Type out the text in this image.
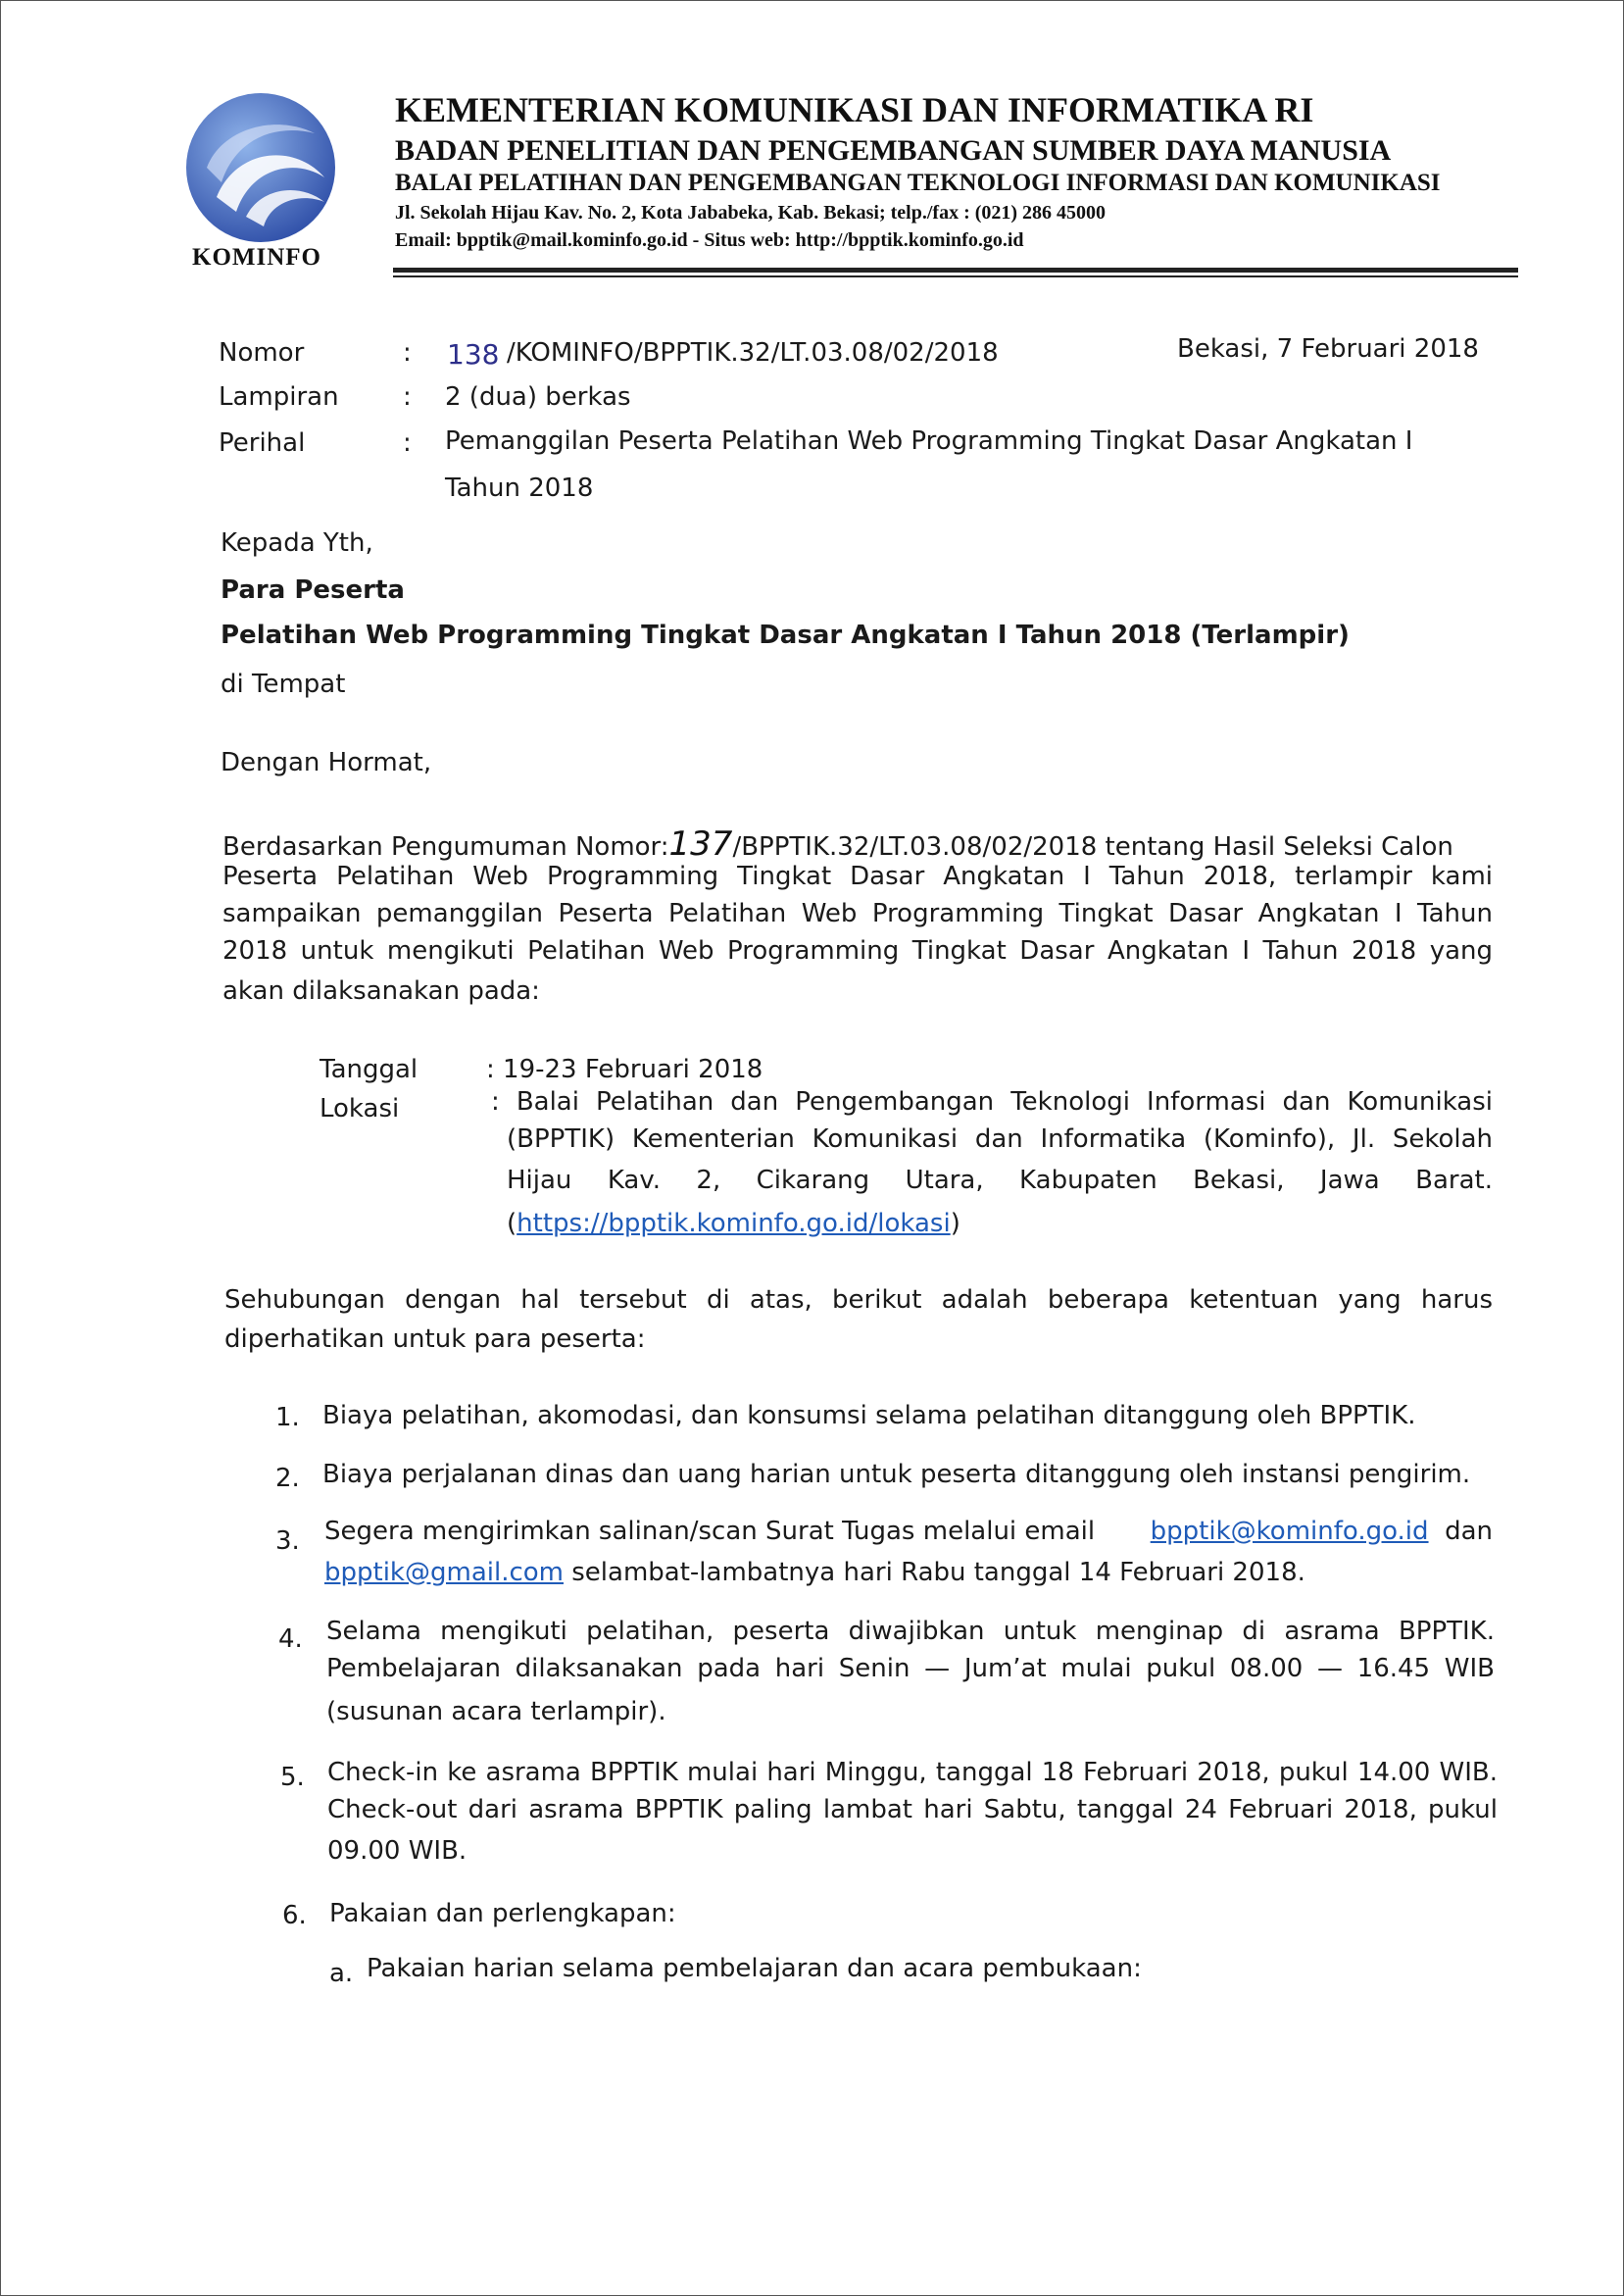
KOMINFO
KEMENTERIAN KOMUNIKASI DAN INFORMATIKA RI
BADAN PENELITIAN DAN PENGEMBANGAN SUMBER DAYA MANUSIA
BALAI PELATIHAN DAN PENGEMBANGAN TEKNOLOGI INFORMASI DAN KOMUNIKASI
Jl. Sekolah Hijau Kav. No. 2, Kota Jababeka, Kab. Bekasi; telp./fax : (021) 286 45000
Email: bpptik@mail.kominfo.go.id - Situs web: http://bpptik.kominfo.go.id
Nomor	: 138 /KOMINFO/BPPTIK.32/LT.03.08/02/2018	Bekasi, 7 Februari 2018
Lampiran	: 2 (dua) berkas
Perihal	: Pemanggilan Peserta Pelatihan Web Programming Tingkat Dasar Angkatan I
Tahun 2018
Kepada Yth,
Para Peserta
Pelatihan Web Programming Tingkat Dasar Angkatan I Tahun 2018 (Terlampir)
di Tempat
Dengan Hormat,
Berdasarkan Pengumuman Nomor:137/BPPTIK.32/LT.03.08/02/2018 tentang Hasil Seleksi Calon
Peserta Pelatihan Web Programming Tingkat Dasar Angkatan I Tahun 2018, terlampir kami
sampaikan pemanggilan Peserta Pelatihan Web Programming Tingkat Dasar Angkatan I Tahun
2018 untuk mengikuti Pelatihan Web Programming Tingkat Dasar Angkatan I Tahun 2018 yang
akan dilaksanakan pada:
Tanggal	: 19-23 Februari 2018
Lokasi	: Balai Pelatihan dan Pengembangan Teknologi Informasi dan Komunikasi
(BPPTIK) Kementerian Komunikasi dan Informatika (Kominfo), Jl. Sekolah
Hijau Kav. 2, Cikarang Utara, Kabupaten Bekasi, Jawa Barat.
(https://bpptik.kominfo.go.id/lokasi)
Sehubungan dengan hal tersebut di atas, berikut adalah beberapa ketentuan yang harus
diperhatikan untuk para peserta:
1. Biaya pelatihan, akomodasi, dan konsumsi selama pelatihan ditanggung oleh BPPTIK.
2. Biaya perjalanan dinas dan uang harian untuk peserta ditanggung oleh instansi pengirim.
3. Segera mengirimkan salinan/scan Surat Tugas melalui email bpptik@kominfo.go.id dan
bpptik@gmail.com selambat-lambatnya hari Rabu tanggal 14 Februari 2018.
4. Selama mengikuti pelatihan, peserta diwajibkan untuk menginap di asrama BPPTIK.
Pembelajaran dilaksanakan pada hari Senin — Jum’at mulai pukul 08.00 — 16.45 WIB
(susunan acara terlampir).
5. Check-in ke asrama BPPTIK mulai hari Minggu, tanggal 18 Februari 2018, pukul 14.00 WIB.
Check-out dari asrama BPPTIK paling lambat hari Sabtu, tanggal 24 Februari 2018, pukul
09.00 WIB.
6. Pakaian dan perlengkapan:
a. Pakaian harian selama pembelajaran dan acara pembukaan:
